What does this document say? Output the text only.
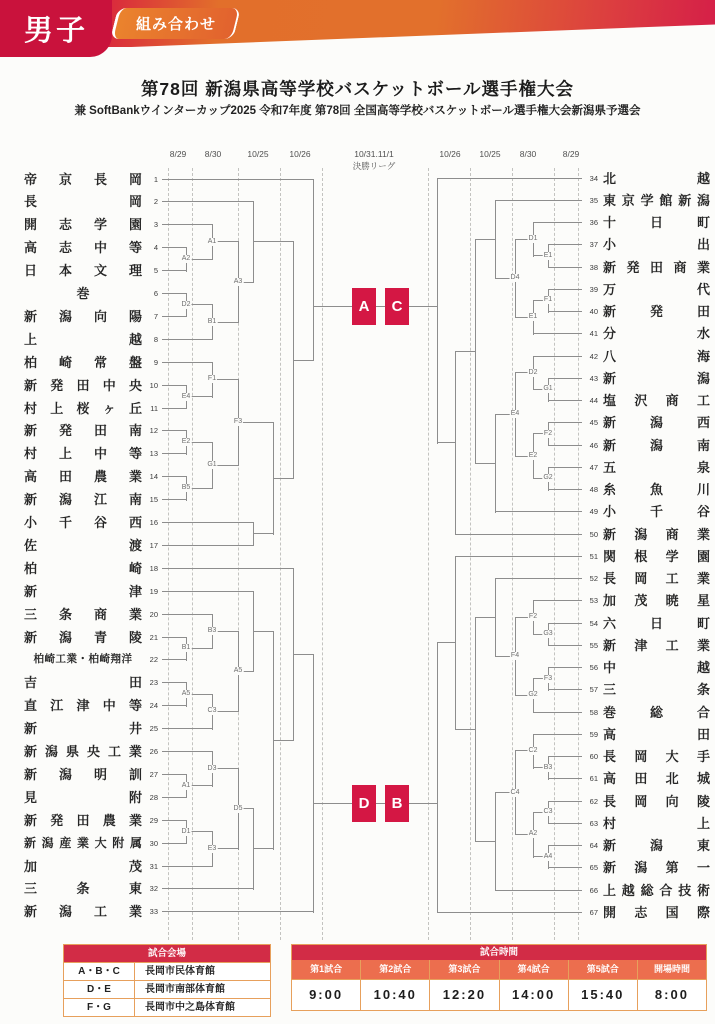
男子	組み合わせ
第78回 新潟県高等学校バスケットボール選手権大会
兼 SoftBankウインターカップ2025 令和7年度 第78回 全国高等学校バスケットボール選手権大会新潟県予選会
10/31.11/1
決勝リーグ
8/29 8/30	10/25 10/26	10/26 10/25 8/30	8/29
帝 京 長 岡	1
長	岡	2
開 志 学 園	3
高 志 中 等	4
日 本 文 理	5
巻	6
新 潟 向 陽	7
上	越	8
柏 崎 常 盤	9
新 発 田 中 央	10
村 上 桜 ヶ 丘	11
新 発 田 南	12
村 上 中 等	13
高 田 農 業	14
新 潟 江 南	15
小 千 谷 西	16
佐	渡	17
柏	崎	18
新	津	19
三 条 商 業	20
新 潟 青 陵	21
柏崎工業・柏崎翔洋	22
吉	田	23
直 江 津 中 等	24
新	井	25
新 潟 県 央 工 業	26
新 潟 明 訓	27
見	附	28
新 発 田 農 業	29
新 潟 産 業 大 附 属	30
加	茂	31
三	条	東	32
新 潟 工 業	33
A2
A1
D2
B1
A3
E4
F1
E2
B5
G1
F3
B1
B3
A5
C3
A5
A1
D3
D1
E3
D5
34 北	越
35 東 京 学 館 新 潟
36 十	日	町
37 小	出
38 新 発 田 商 業
39 万	代
40 新	発	田
41 分	水
42 八	海
43 新	潟
44 塩 沢 商 工
45 新	潟	西
46 新	潟	南
47 五	泉
48 糸	魚	川
49 小	千	谷
50 新 潟 商 業
51 関 根 学 園
52 長 岡 工 業
53 加 茂 暁 星
54 六	日	町
55 新 津 工 業
56 中	越
57 三	条
58 巻	総	合
59 高	田
60 長 岡 大 手
61 高 田 北 城
62 長 岡 向 陵
63 村	上
64 新	潟	東
65 新 潟 第 一
66 上 越 総 合 技 術
67 開 志 国 際
E1
D1
F1
E1
D4
G1
D2
F2
G2
E2
E4
G3
F2
F3
G2
F4
B3
C2
C3
A4
A2
C4
A	C
D	B
試合会場
A・B・C	長岡市民体育館
D・E	長岡市南部体育館
F・G	長岡市中之島体育館
試合時間
第1試合	第2試合	第3試合	第4試合	第5試合	開場時間
9:00	10:40	12:20	14:00	15:40	8:00
